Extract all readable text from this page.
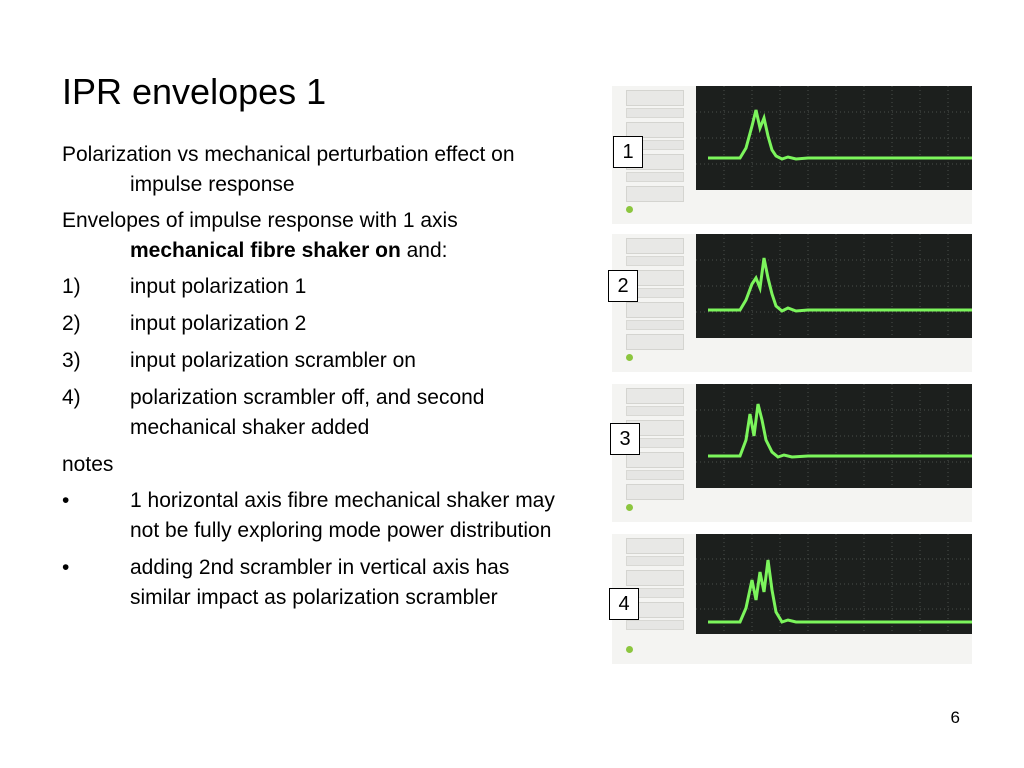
IPR envelopes 1

Polarization vs mechanical perturbation effect on impulse response

Envelopes of impulse response with 1 axis mechanical fibre shaker on and:

1)	input polarization 1
2)	input polarization 2
3)	input polarization scrambler on
4)	polarization scrambler off, and second mechanical shaker added

notes

•	1 horizontal axis fibre mechanical shaker may not be fully exploring mode power distribution
•	adding 2nd scrambler in vertical axis has similar impact as polarization scrambler
1
2
3
4
6
